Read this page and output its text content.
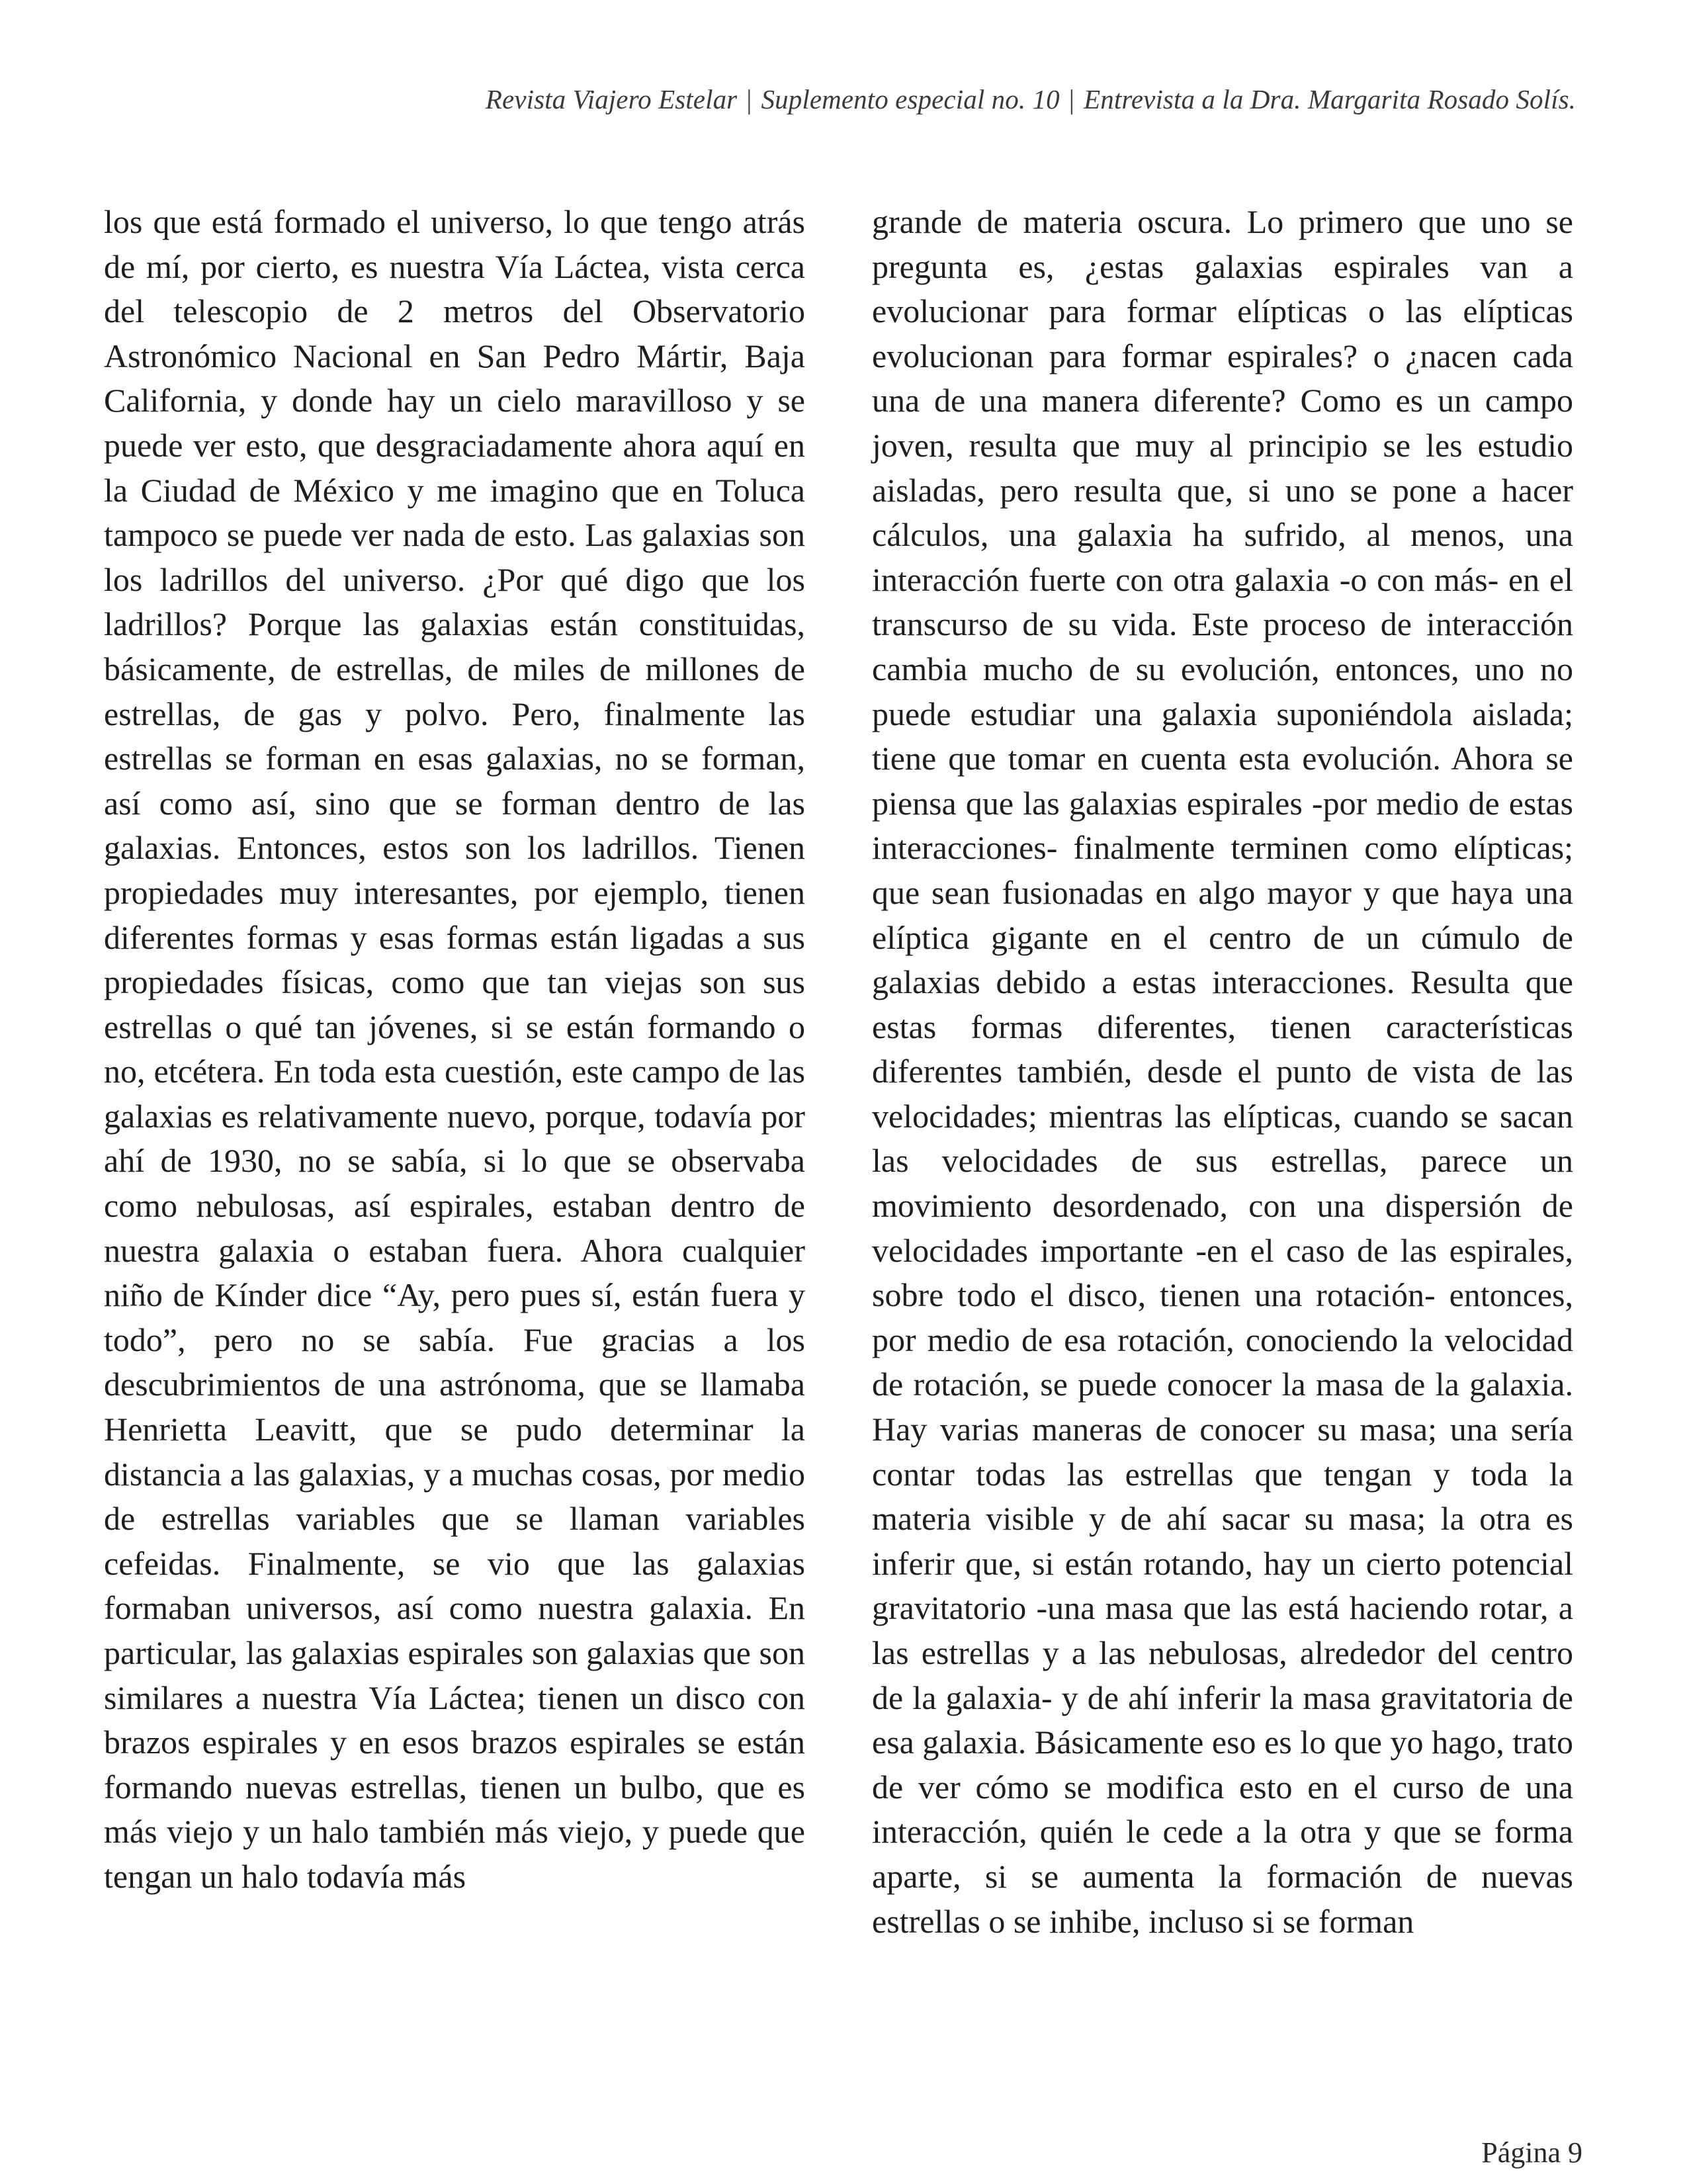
Revista Viajero Estelar | Suplemento especial no. 10 | Entrevista a la Dra. Margarita Rosado Solís.

los que está formado el universo, lo que tengo atrás de mí, por cierto, es nuestra Vía Láctea, vista cerca del telescopio de 2 metros del Observatorio Astronómico Nacional en San Pedro Mártir, Baja California, y donde hay un cielo maravilloso y se puede ver esto, que desgraciadamente ahora aquí en la Ciudad de México y me imagino que en Toluca tampoco se puede ver nada de esto. Las galaxias son los ladrillos del universo. ¿Por qué digo que los ladrillos? Porque las galaxias están constituidas, básicamente, de estrellas, de miles de millones de estrellas, de gas y polvo. Pero, finalmente las estrellas se forman en esas galaxias, no se forman, así como así, sino que se forman dentro de las galaxias. Entonces, estos son los ladrillos. Tienen propiedades muy interesantes, por ejemplo, tienen diferentes formas y esas formas están ligadas a sus propiedades físicas, como que tan viejas son sus estrellas o qué tan jóvenes, si se están formando o no, etcétera. En toda esta cuestión, este campo de las galaxias es relativamente nuevo, porque, todavía por ahí de 1930, no se sabía, si lo que se observaba como nebulosas, así espirales, estaban dentro de nuestra galaxia o estaban fuera. Ahora cualquier niño de Kínder dice “Ay, pero pues sí, están fuera y todo”, pero no se sabía. Fue gracias a los descubrimientos de una astrónoma, que se llamaba Henrietta Leavitt, que se pudo determinar la distancia a las galaxias, y a muchas cosas, por medio de estrellas variables que se llaman variables cefeidas. Finalmente, se vio que las galaxias formaban universos, así como nuestra galaxia. En particular, las galaxias espirales son galaxias que son similares a nuestra Vía Láctea; tienen un disco con brazos espirales y en esos brazos espirales se están formando nuevas estrellas, tienen un bulbo, que es más viejo y un halo también más viejo, y puede que tengan un halo todavía más

grande de materia oscura. Lo primero que uno se pregunta es, ¿estas galaxias espirales van a evolucionar para formar elípticas o las elípticas evolucionan para formar espirales? o ¿nacen cada una de una manera diferente? Como es un campo joven, resulta que muy al principio se les estudio aisladas, pero resulta que, si uno se pone a hacer cálculos, una galaxia ha sufrido, al menos, una interacción fuerte con otra galaxia -o con más- en el transcurso de su vida. Este proceso de interacción cambia mucho de su evolución, entonces, uno no puede estudiar una galaxia suponiéndola aislada; tiene que tomar en cuenta esta evolución. Ahora se piensa que las galaxias espirales -por medio de estas interacciones- finalmente terminen como elípticas; que sean fusionadas en algo mayor y que haya una elíptica gigante en el centro de un cúmulo de galaxias debido a estas interacciones. Resulta que estas formas diferentes, tienen características diferentes también, desde el punto de vista de las velocidades; mientras las elípticas, cuando se sacan las velocidades de sus estrellas, parece un movimiento desordenado, con una dispersión de velocidades importante -en el caso de las espirales, sobre todo el disco, tienen una rotación- entonces, por medio de esa rotación, conociendo la velocidad de rotación, se puede conocer la masa de la galaxia. Hay varias maneras de conocer su masa; una sería contar todas las estrellas que tengan y toda la materia visible y de ahí sacar su masa; la otra es inferir que, si están rotando, hay un cierto potencial gravitatorio -una masa que las está haciendo rotar, a las estrellas y a las nebulosas, alrededor del centro de la galaxia- y de ahí inferir la masa gravitatoria de esa galaxia. Básicamente eso es lo que yo hago, trato de ver cómo se modifica esto en el curso de una interacción, quién le cede a la otra y que se forma aparte, si se aumenta la formación de nuevas estrellas o se inhibe, incluso si se forman

Página 9
